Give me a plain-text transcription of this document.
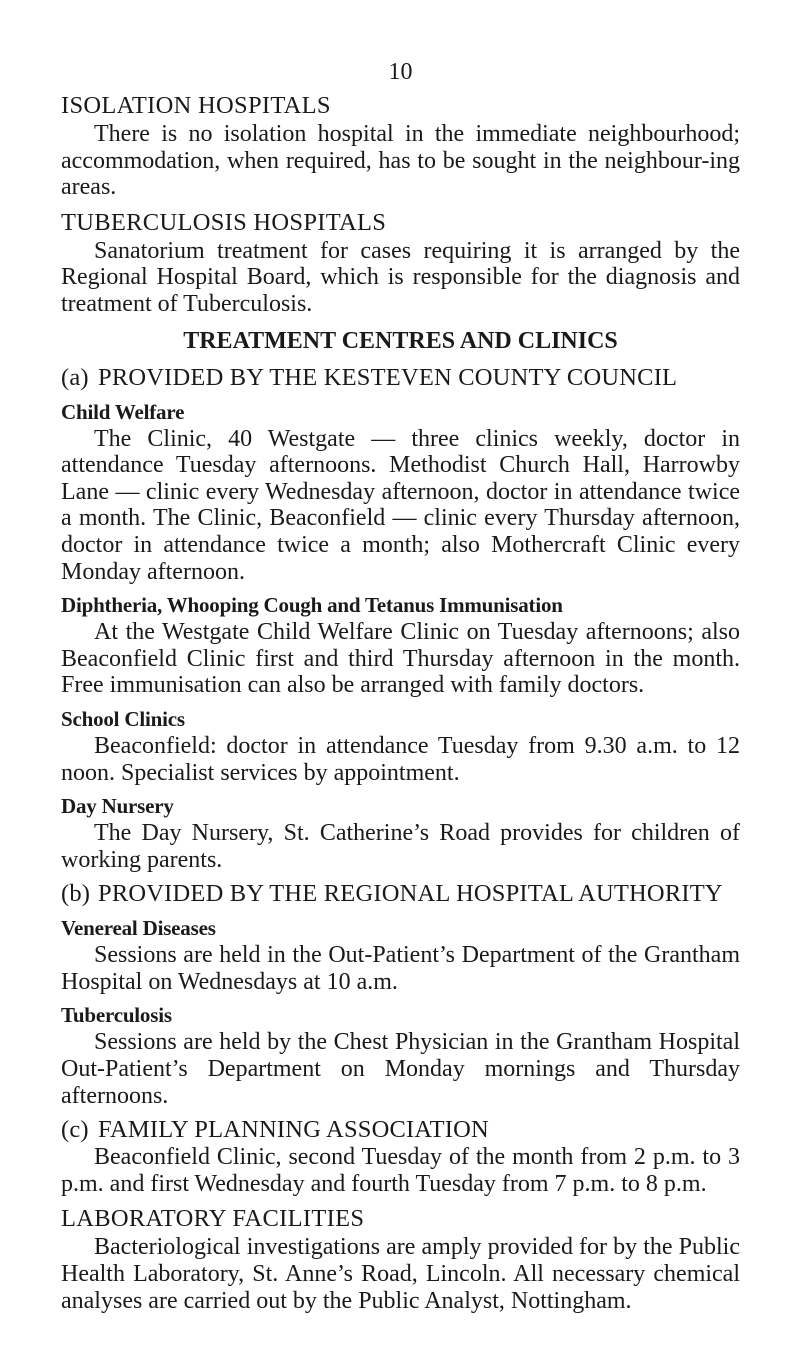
10
ISOLATION HOSPITALS

There is no isolation hospital in the immediate neighbourhood; accommodation, when required, has to be sought in the neighbour-ing areas.

TUBERCULOSIS HOSPITALS

Sanatorium treatment for cases requiring it is arranged by the Regional Hospital Board, which is responsible for the diagnosis and treatment of Tuberculosis.

TREATMENT CENTRES AND CLINICS
(a) PROVIDED BY THE KESTEVEN COUNTY COUNCIL
Child Welfare

The Clinic, 40 Westgate — three clinics weekly, doctor in attendance Tuesday afternoons. Methodist Church Hall, Harrowby Lane — clinic every Wednesday afternoon, doctor in attendance twice a month. The Clinic, Beaconfield — clinic every Thursday afternoon, doctor in attendance twice a month; also Mothercraft Clinic every Monday afternoon.

Diphtheria, Whooping Cough and Tetanus Immunisation

At the Westgate Child Welfare Clinic on Tuesday afternoons; also Beaconfield Clinic first and third Thursday afternoon in the month. Free immunisation can also be arranged with family doctors.

School Clinics

Beaconfield: doctor in attendance Tuesday from 9.30 a.m. to 12 noon. Specialist services by appointment.

Day Nursery

The Day Nursery, St. Catherine’s Road provides for children of working parents.

(b) PROVIDED BY THE REGIONAL HOSPITAL AUTHORITY
Venereal Diseases

Sessions are held in the Out-Patient’s Department of the Grantham Hospital on Wednesdays at 10 a.m.

Tuberculosis

Sessions are held by the Chest Physician in the Grantham Hospital Out-Patient’s Department on Monday mornings and Thursday afternoons.

(c) FAMILY PLANNING ASSOCIATION

Beaconfield Clinic, second Tuesday of the month from 2 p.m. to 3 p.m. and first Wednesday and fourth Tuesday from 7 p.m. to 8 p.m.

LABORATORY FACILITIES

Bacteriological investigations are amply provided for by the Public Health Laboratory, St. Anne’s Road, Lincoln. All necessary chemical analyses are carried out by the Public Analyst, Nottingham.
